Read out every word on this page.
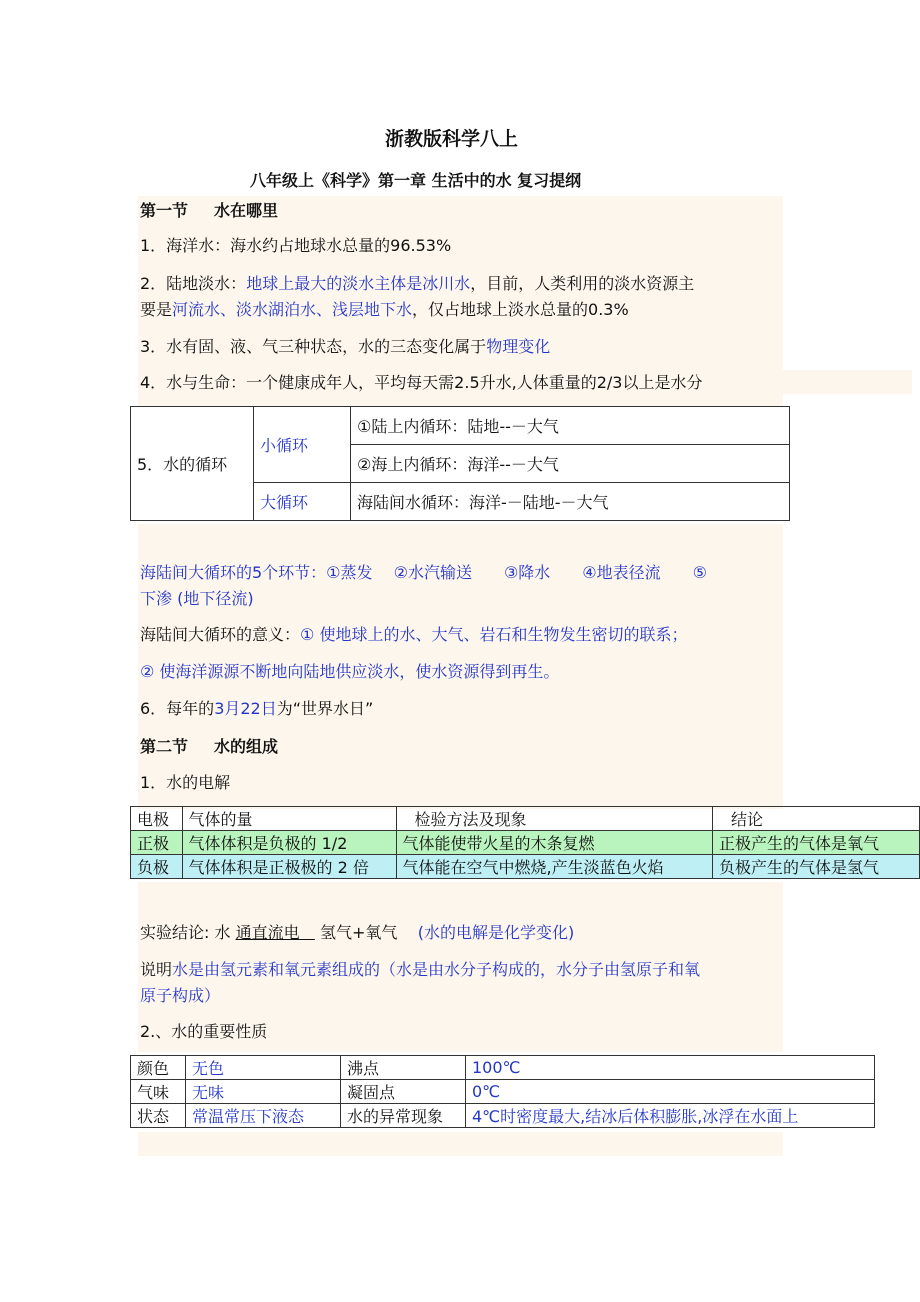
浙教版科学八上
八年级上《科学》第一章 生活中的水 复习提纲
第一节 水在哪里
1．海洋水：海水约占地球水总量的96.53%
2．陆地淡水：地球上最大的淡水主体是冰川水，目前，人类利用的淡水资源主
要是河流水、淡水湖泊水、浅层地下水，仅占地球上淡水总量的0.3%
3．水有固、液、气三种状态，水的三态变化属于物理变化
4．水与生命：一个健康成年人，平均每天需2.5升水,人体重量的2/3以上是水分
5．水的循环	小循环	①陆上内循环：陆地--－大气
		②海上内循环：海洋--－大气
	大循环	海陆间水循环：海洋-－陆地-－大气
海陆间大循环的5个环节：①蒸发　 ②水汽输送　　③降水　　④地表径流　　⑤
下渗 (地下径流)
海陆间大循环的意义：① 使地球上的水、大气、岩石和生物发生密切的联系；
② 使海洋源源不断地向陆地供应淡水，使水资源得到再生。
6．每年的3月22日为“世界水日”
第二节 水的组成
1．水的电解
电极	气体的量	检验方法及现象	结论
正极	气体体积是负极的 1/2	气体能使带火星的木条复燃	正极产生的气体是氧气
负极	气体体积是正极极的 2 倍	气体能在空气中燃烧,产生淡蓝色火焰	负极产生的气体是氢气
实验结论: 水 通直流电 氢气+氧气 (水的电解是化学变化)
说明水是由氢元素和氧元素组成的（水是由水分子构成的，水分子由氢原子和氧
原子构成）
2.、水的重要性质
颜色	无色	沸点	100℃
气味	无味	凝固点	0℃
状态	常温常压下液态	水的异常现象	4℃时密度最大,结冰后体积膨胀,冰浮在水面上
